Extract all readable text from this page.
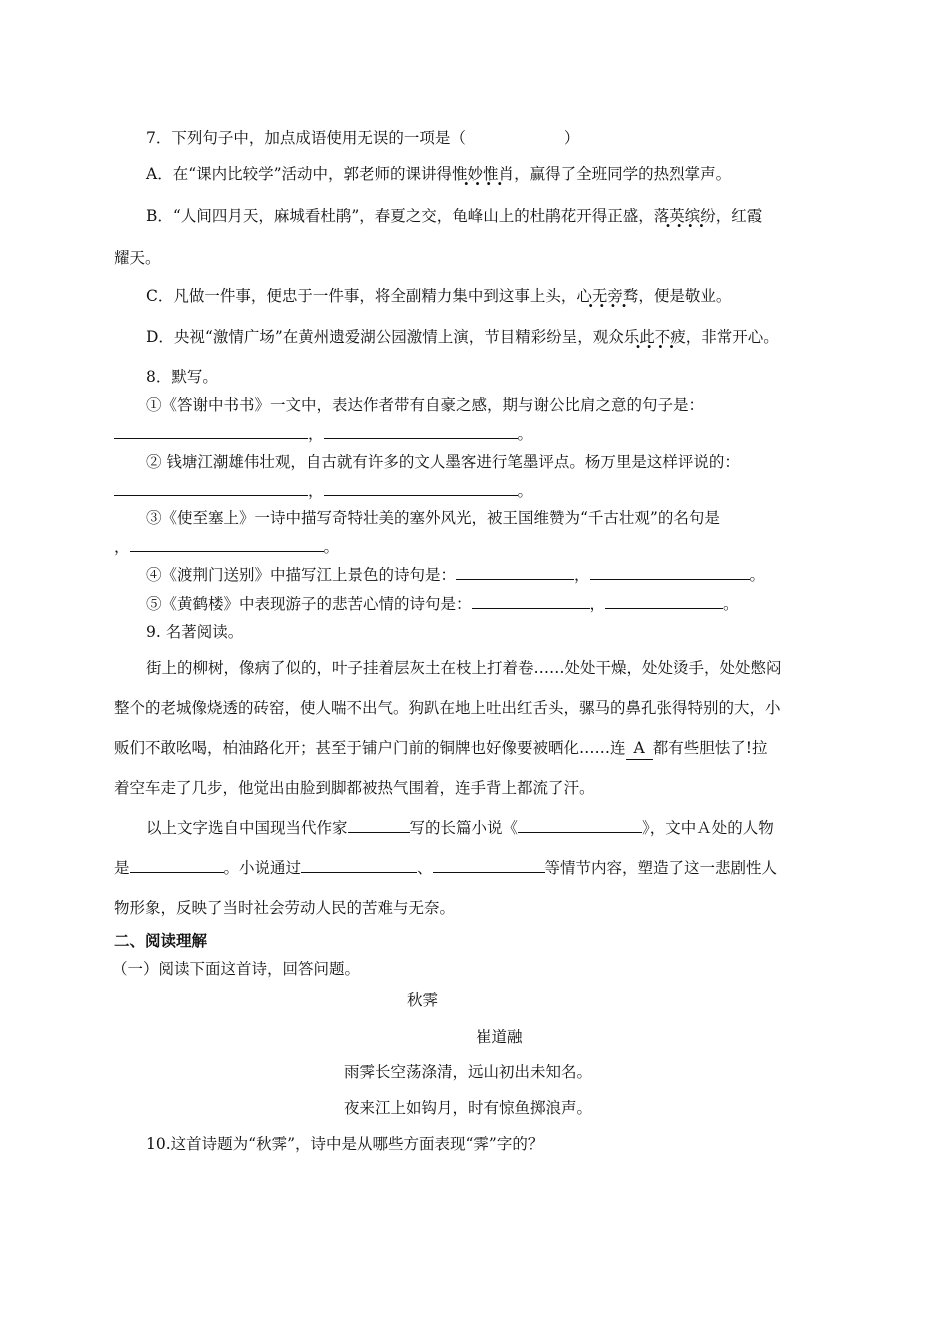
7．下列句子中，加点成语使用无误的一项是（	）
A．在“课内比较学”活动中，郭老师的课讲得惟妙惟肖 · ·，赢得了全班同学的热烈掌声。
B．“人间四月天，麻城看杜鹃”，春夏之交，龟峰山上的杜鹃花开得正盛，落英缤纷 · ·，红霞
耀天。
C．凡做一件事，便忠于一件事，将全副精力集中到这事上头，心无旁骛 · ·，便是敬业。
D．央视“激情广场”在黄州遗爱湖公园激情上演，节目精彩纷呈，观众乐此不疲 · ·，非常开心。
8．默写。
①《答谢中书书》一文中，表达作者带有自豪之感，期与谢公比肩之意的句子是：
，	。
② 钱塘江潮雄伟壮观，自古就有许多的文人墨客进行笔墨评点。杨万里是这样评说的：
，	。
③《使至塞上》一诗中描写奇特壮美的塞外风光，被王国维赞为“千古壮观”的名句是
，	。
④《渡荆门送别》中描写江上景色的诗句是：	，	。
⑤《黄鹤楼》中表现游子的悲苦心情的诗句是：	，	。
9. 名著阅读。
街上的柳树，像病了似的，叶子挂着层灰土在枝上打着卷……处处干燥，处处烫手，处处憋闷
整个的老城像烧透的砖窑，使人喘不出气。狗趴在地上吐出红舌头，骡马的鼻孔张得特别的大，小
贩们不敢吆喝，柏油路化开；甚至于铺户门前的铜牌也好像要被晒化……连 A 都有些胆怯了!拉
着空车走了几步，他觉出由脸到脚都被热气围着，连手背上都流了汗。
以上文字选自中国现当代作家	写的长篇小说《	》，文中Ａ处的人物
是	。小说通过	、	等情节内容，塑造了这一悲剧性人
物形象，反映了当时社会劳动人民的苦难与无奈。
二、阅读理解
（一）阅读下面这首诗，回答问题。
秋霁
崔道融
雨霁长空荡涤清，远山初出未知名。
夜来江上如钩月，时有惊鱼掷浪声。
10.这首诗题为“秋霁”，诗中是从哪些方面表现“霁”字的？
